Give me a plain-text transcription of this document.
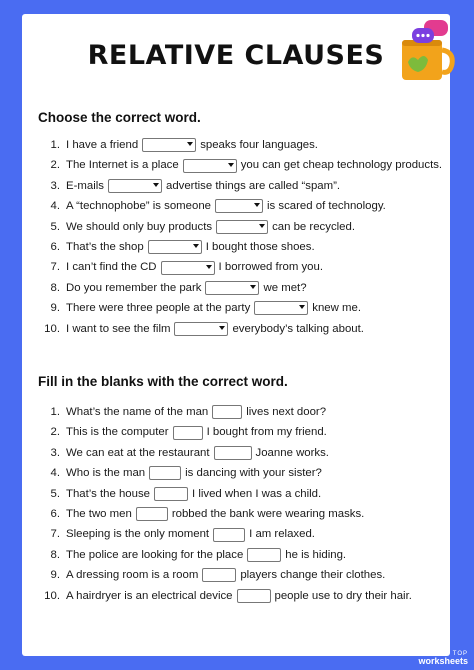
RELATIVE CLAUSES
Choose the correct word.
1. I have a friend	speaks four languages.
2. The Internet is a place	you can get cheap technology products.
3. E-mails	advertise things are called “spam”.
4. A “technophobe” is someone	is scared of technology.
5. We should only buy products	can be recycled.
6. That’s the shop	I bought those shoes.
7. I can’t find the CD	I borrowed from you.
8. Do you remember the park	we met?
9. There were three people at the party	knew me.
10. I want to see the film	everybody’s talking about.
Fill in the blanks with the correct word.
1. What’s the name of the man	lives next door?
2. This is the computer	I bought from my friend.
3. We can eat at the restaurant	Joanne works.
4. Who is the man	is dancing with your sister?
5. That’s the house	I lived when I was a child.
6. The two men	robbed the bank were wearing masks.
7. Sleeping is the only moment	I am relaxed.
8. The police are looking for the place	he is hiding.
9. A dressing room is a room	players change their clothes.
10. A hairdryer is an electrical device	people use to dry their hair.
TOP
worksheets
